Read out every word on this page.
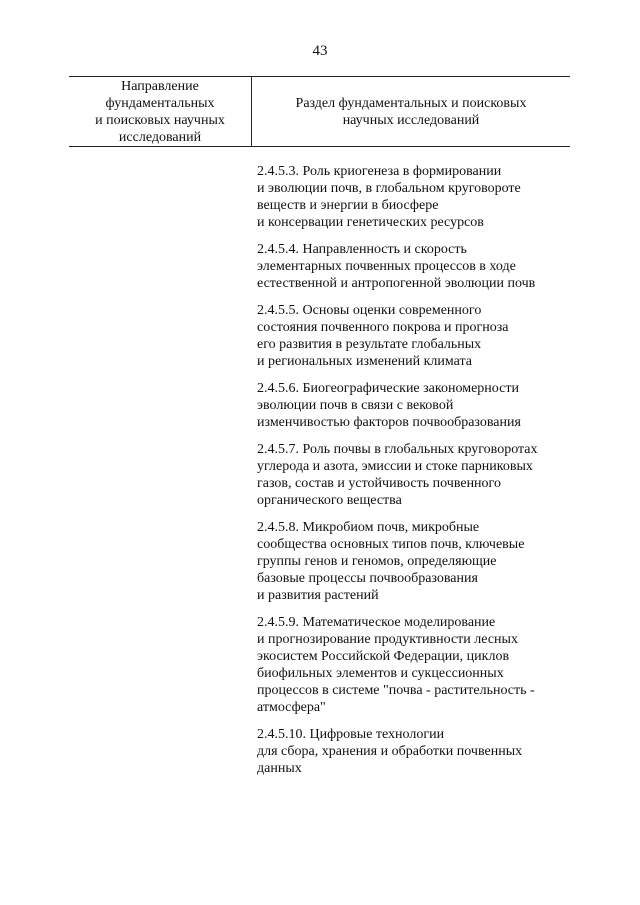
43
Направление
фундаментальных
и поисковых научных
исследований
Раздел фундаментальных и поисковых
научных исследований
2.4.5.3. Роль криогенеза в формировании
и эволюции почв, в глобальном круговороте
веществ и энергии в биосфере
и консервации генетических ресурсов
2.4.5.4. Направленность и скорость
элементарных почвенных процессов в ходе
естественной и антропогенной эволюции почв
2.4.5.5. Основы оценки современного
состояния почвенного покрова и прогноза
его развития в результате глобальных
и региональных изменений климата
2.4.5.6. Биогеографические закономерности
эволюции почв в связи с вековой
изменчивостью факторов почвообразования
2.4.5.7. Роль почвы в глобальных круговоротах
углерода и азота, эмиссии и стоке парниковых
газов, состав и устойчивость почвенного
органического вещества
2.4.5.8. Микробиом почв, микробные
сообщества основных типов почв, ключевые
группы генов и геномов, определяющие
базовые процессы почвообразования
и развития растений
2.4.5.9. Математическое моделирование
и прогнозирование продуктивности лесных
экосистем Российской Федерации, циклов
биофильных элементов и сукцессионных
процессов в системе "почва - растительность -
атмосфера"
2.4.5.10. Цифровые технологии
для сбора, хранения и обработки почвенных
данных
